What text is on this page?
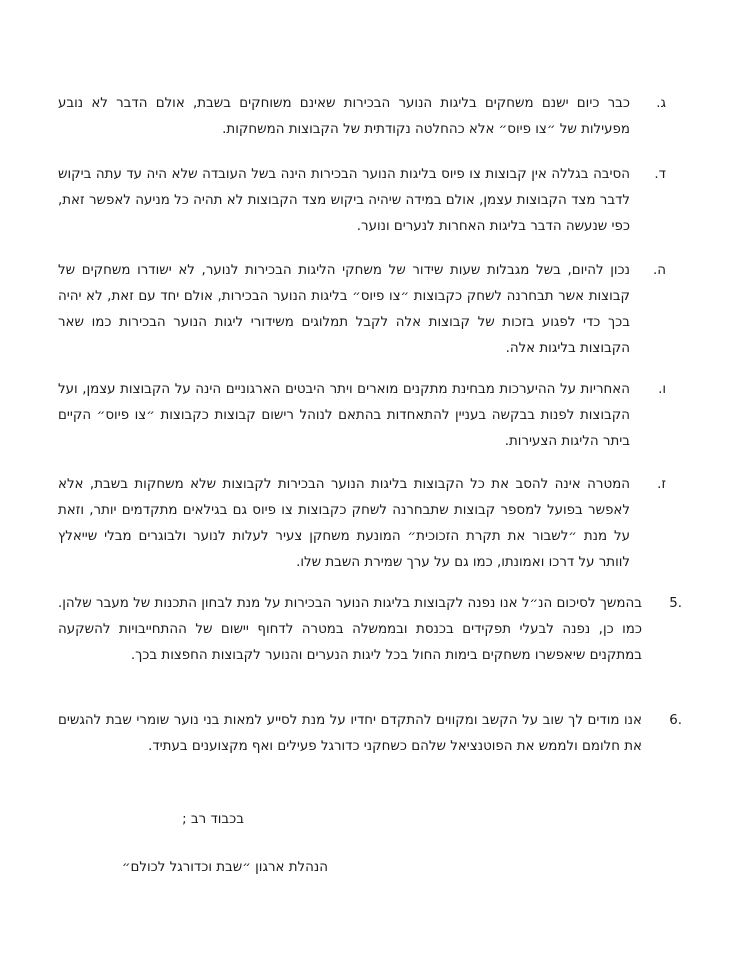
ג.
כבר כיום ישנם משחקים בליגות הנוער הבכירות שאינם משוחקים בשבת, אולם הדבר לא נובע מפעילות של ״צו פיוס״ אלא כהחלטה נקודתית של הקבוצות המשחקות.
ד.
הסיבה בגללה אין קבוצות צו פיוס בליגות הנוער הבכירות הינה בשל העובדה שלא היה עד עתה ביקוש לדבר מצד הקבוצות עצמן, אולם במידה שיהיה ביקוש מצד הקבוצות לא תהיה כל מניעה לאפשר זאת, כפי שנעשה הדבר בליגות האחרות לנערים ונוער.
ה.
נכון להיום, בשל מגבלות שעות שידור של משחקי הליגות הבכירות לנוער, לא ישודרו משחקים של קבוצות אשר תבחרנה לשחק כקבוצות ״צו פיוס״ בליגות הנוער הבכירות, אולם יחד עם זאת, לא יהיה בכך כדי לפגוע בזכות של קבוצות אלה לקבל תמלוגים משידורי ליגות הנוער הבכירות כמו שאר הקבוצות בליגות אלה.
ו.
האחריות על ההיערכות מבחינת מתקנים מוארים ויתר היבטים הארגוניים הינה על הקבוצות עצמן, ועל הקבוצות לפנות בבקשה בעניין להתאחדות בהתאם לנוהל רישום קבוצות כקבוצות ״צו פיוס״ הקיים ביתר הליגות הצעירות.
ז.
המטרה אינה להסב את כל הקבוצות בליגות הנוער הבכירות לקבוצות שלא משחקות בשבת, אלא לאפשר בפועל למספר קבוצות שתבחרנה לשחק כקבוצות צו פיוס גם בגילאים מתקדמים יותר, וזאת על מנת ״לשבור את תקרת הזכוכית״ המונעת משחקן צעיר לעלות לנוער ולבוגרים מבלי שייאלץ לוותר על דרכו ואמונתו, כמו גם על ערך שמירת השבת שלו.
.5
בהמשך לסיכום הנ״ל אנו נפנה לקבוצות בליגות הנוער הבכירות על מנת לבחון התכנות של מעבר שלהן. כמו כן, נפנה לבעלי תפקידים בכנסת ובממשלה במטרה לדחוף יישום של ההתחייבויות להשקעה במתקנים שיאפשרו משחקים בימות החול בכל ליגות הנערים והנוער לקבוצות החפצות בכך.
.6
אנו מודים לך שוב על הקשב ומקווים להתקדם יחדיו על מנת לסייע למאות בני נוער שומרי שבת להגשים את חלומם ולממש את הפוטנציאל שלהם כשחקני כדורגל פעילים ואף מקצוענים בעתיד.
בכבוד רב ;
הנהלת ארגון ״שבת וכדורגל לכולם״
